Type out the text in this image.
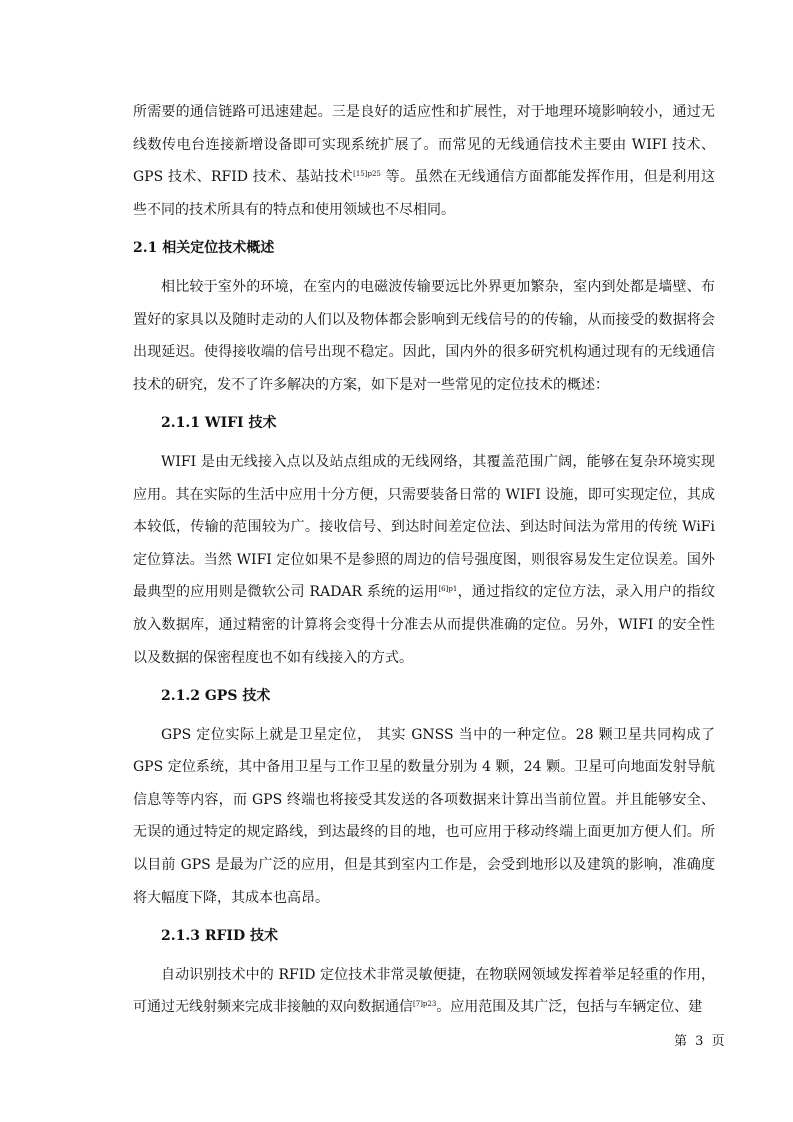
所需要的通信链路可迅速建起。三是良好的适应性和扩展性，对于地理环境影响较小，通过无线数传电台连接新增设备即可实现系统扩展了。而常见的无线通信技术主要由 WIFI 技术、GPS 技术、RFID 技术、基站技术$^{[15]p25}$ 等。虽然在无线通信方面都能发挥作用，但是利用这些不同的技术所具有的特点和使用领域也不尽相同。

2.1 相关定位技术概述

相比较于室外的环境，在室内的电磁波传输要远比外界更加繁杂，室内到处都是墙壁、布置好的家具以及随时走动的人们以及物体都会影响到无线信号的的传输，从而接受的数据将会出现延迟。使得接收端的信号出现不稳定。因此，国内外的很多研究机构通过现有的无线通信技术的研究，发不了许多解决的方案，如下是对一些常见的定位技术的概述：

2.1.1 WIFI 技术

WIFI 是由无线接入点以及站点组成的无线网络，其覆盖范围广阔，能够在复杂环境实现应用。其在实际的生活中应用十分方便，只需要装备日常的 WIFI 设施，即可实现定位，其成本较低，传输的范围较为广。接收信号、到达时间差定位法、到达时间法为常用的传统 WiFi 定位算法。当然 WIFI 定位如果不是参照的周边的信号强度图，则很容易发生定位误差。国外最典型的应用则是微软公司 RADAR 系统的运用$^{[6]p1}$，通过指纹的定位方法，录入用户的指纹放入数据库，通过精密的计算将会变得十分准去从而提供准确的定位。另外，WIFI 的安全性以及数据的保密程度也不如有线接入的方式。

2.1.2 GPS 技术

GPS 定位实际上就是卫星定位， 其实 GNSS 当中的一种定位。28 颗卫星共同构成了 GPS 定位系统，其中备用卫星与工作卫星的数量分别为 4 颗，24 颗。卫星可向地面发射导航信息等等内容，而 GPS 终端也将接受其发送的各项数据来计算出当前位置。并且能够安全、无误的通过特定的规定路线，到达最终的目的地，也可应用于移动终端上面更加方便人们。所以目前 GPS 是最为广泛的应用，但是其到室内工作是，会受到地形以及建筑的影响，准确度将大幅度下降，其成本也高昂。

2.1.3 RFID 技术

自动识别技术中的 RFID 定位技术非常灵敏便捷，在物联网领域发挥着举足轻重的作用，可通过无线射频来完成非接触的双向数据通信$^{[7]p23}$。应用范围及其广泛，包括与车辆定位、建

第 3 页
